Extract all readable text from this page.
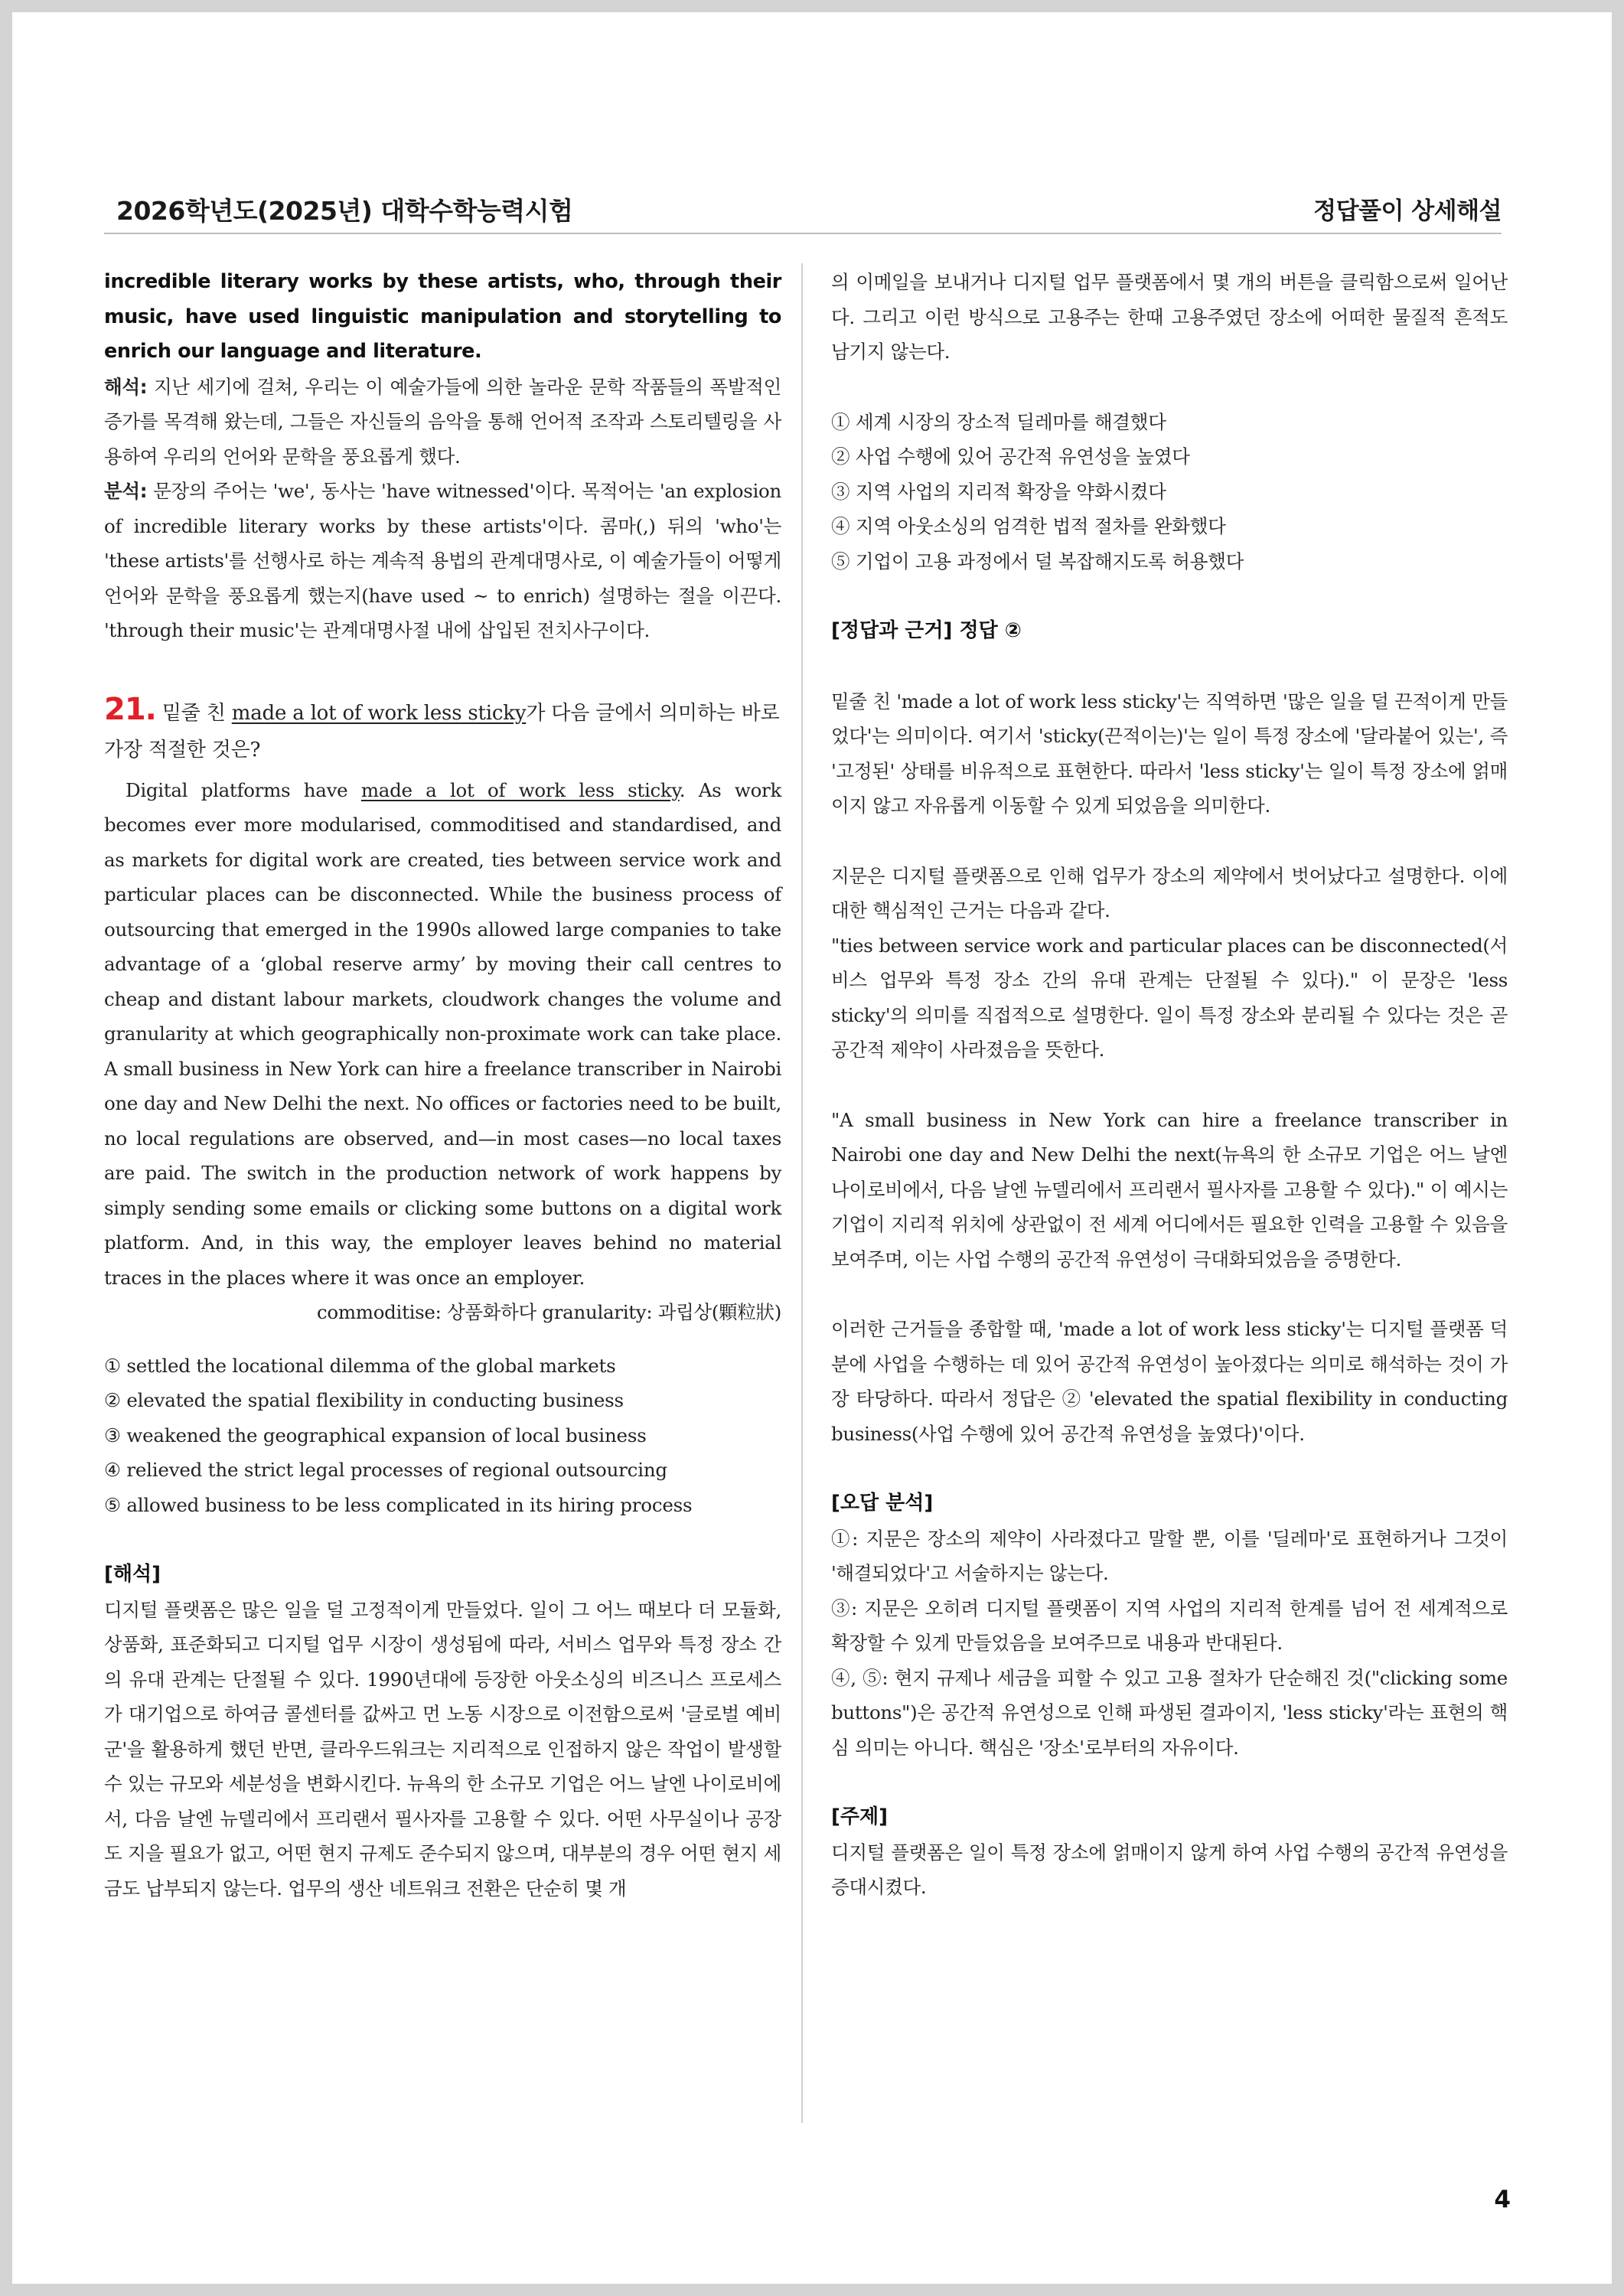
2026학년도(2025년) 대학수학능력시험	정답풀이 상세해설
incredible literary works by these artists, who, through their music, have used linguistic manipulation and storytelling to enrich our language and literature.
해석: 지난 세기에 걸쳐, 우리는 이 예술가들에 의한 놀라운 문학 작품들의 폭발적인 증가를 목격해 왔는데, 그들은 자신들의 음악을 통해 언어적 조작과 스토리텔링을 사용하여 우리의 언어와 문학을 풍요롭게 했다.
분석: 문장의 주어는 'we', 동사는 'have witnessed'이다. 목적어는 'an explosion of incredible literary works by these artists'이다. 콤마(,) 뒤의 'who'는 'these artists'를 선행사로 하는 계속적 용법의 관계대명사로, 이 예술가들이 어떻게 언어와 문학을 풍요롭게 했는지(have used ~ to enrich) 설명하는 절을 이끈다. 'through their music'는 관계대명사절 내에 삽입된 전치사구이다.
21. 밑줄 친 made a lot of work less sticky가 다음 글에서 의미하는 바로 가장 적절한 것은?
Digital platforms have made a lot of work less sticky. As work becomes ever more modularised, commoditised and standardised, and as markets for digital work are created, ties between service work and particular places can be disconnected. While the business process of outsourcing that emerged in the 1990s allowed large companies to take advantage of a ‘global reserve army’ by moving their call centres to cheap and distant labour markets, cloudwork changes the volume and granularity at which geographically non-proximate work can take place. A small business in New York can hire a freelance transcriber in Nairobi one day and New Delhi the next. No offices or factories need to be built, no local regulations are observed, and—in most cases—no local taxes are paid. The switch in the production network of work happens by simply sending some emails or clicking some buttons on a digital work platform. And, in this way, the employer leaves behind no material traces in the places where it was once an employer.
commoditise: 상품화하다 granularity: 과립상(顆粒狀)
① settled the locational dilemma of the global markets
② elevated the spatial flexibility in conducting business
③ weakened the geographical expansion of local business
④ relieved the strict legal processes of regional outsourcing
⑤ allowed business to be less complicated in its hiring process
[해석]
디지털 플랫폼은 많은 일을 덜 고정적이게 만들었다. 일이 그 어느 때보다 더 모듈화, 상품화, 표준화되고 디지털 업무 시장이 생성됨에 따라, 서비스 업무와 특정 장소 간의 유대 관계는 단절될 수 있다. 1990년대에 등장한 아웃소싱의 비즈니스 프로세스가 대기업으로 하여금 콜센터를 값싸고 먼 노동 시장으로 이전함으로써 '글로벌 예비군'을 활용하게 했던 반면, 클라우드워크는 지리적으로 인접하지 않은 작업이 발생할 수 있는 규모와 세분성을 변화시킨다. 뉴욕의 한 소규모 기업은 어느 날엔 나이로비에서, 다음 날엔 뉴델리에서 프리랜서 필사자를 고용할 수 있다. 어떤 사무실이나 공장도 지을 필요가 없고, 어떤 현지 규제도 준수되지 않으며, 대부분의 경우 어떤 현지 세금도 납부되지 않는다. 업무의 생산 네트워크 전환은 단순히 몇 개
의 이메일을 보내거나 디지털 업무 플랫폼에서 몇 개의 버튼을 클릭함으로써 일어난다. 그리고 이런 방식으로 고용주는 한때 고용주였던 장소에 어떠한 물질적 흔적도 남기지 않는다.
① 세계 시장의 장소적 딜레마를 해결했다
② 사업 수행에 있어 공간적 유연성을 높였다
③ 지역 사업의 지리적 확장을 약화시켰다
④ 지역 아웃소싱의 엄격한 법적 절차를 완화했다
⑤ 기업이 고용 과정에서 덜 복잡해지도록 허용했다
[정답과 근거] 정답 ②
밑줄 친 'made a lot of work less sticky'는 직역하면 '많은 일을 덜 끈적이게 만들었다'는 의미이다. 여기서 'sticky(끈적이는)'는 일이 특정 장소에 '달라붙어 있는', 즉 '고정된' 상태를 비유적으로 표현한다. 따라서 'less sticky'는 일이 특정 장소에 얽매이지 않고 자유롭게 이동할 수 있게 되었음을 의미한다.
지문은 디지털 플랫폼으로 인해 업무가 장소의 제약에서 벗어났다고 설명한다. 이에 대한 핵심적인 근거는 다음과 같다.
"ties between service work and particular places can be disconnected(서비스 업무와 특정 장소 간의 유대 관계는 단절될 수 있다)." 이 문장은 'less sticky'의 의미를 직접적으로 설명한다. 일이 특정 장소와 분리될 수 있다는 것은 곧 공간적 제약이 사라졌음을 뜻한다.
"A small business in New York can hire a freelance transcriber in Nairobi one day and New Delhi the next(뉴욕의 한 소규모 기업은 어느 날엔 나이로비에서, 다음 날엔 뉴델리에서 프리랜서 필사자를 고용할 수 있다)." 이 예시는 기업이 지리적 위치에 상관없이 전 세계 어디에서든 필요한 인력을 고용할 수 있음을 보여주며, 이는 사업 수행의 공간적 유연성이 극대화되었음을 증명한다.
이러한 근거들을 종합할 때, 'made a lot of work less sticky'는 디지털 플랫폼 덕분에 사업을 수행하는 데 있어 공간적 유연성이 높아졌다는 의미로 해석하는 것이 가장 타당하다. 따라서 정답은 ② 'elevated the spatial flexibility in conducting business(사업 수행에 있어 공간적 유연성을 높였다)'이다.
[오답 분석]
①: 지문은 장소의 제약이 사라졌다고 말할 뿐, 이를 '딜레마'로 표현하거나 그것이 '해결되었다'고 서술하지는 않는다.
③: 지문은 오히려 디지털 플랫폼이 지역 사업의 지리적 한계를 넘어 전 세계적으로 확장할 수 있게 만들었음을 보여주므로 내용과 반대된다.
④, ⑤: 현지 규제나 세금을 피할 수 있고 고용 절차가 단순해진 것("clicking some buttons")은 공간적 유연성으로 인해 파생된 결과이지, 'less sticky'라는 표현의 핵심 의미는 아니다. 핵심은 '장소'로부터의 자유이다.
[주제]
디지털 플랫폼은 일이 특정 장소에 얽매이지 않게 하여 사업 수행의 공간적 유연성을 증대시켰다.
4
